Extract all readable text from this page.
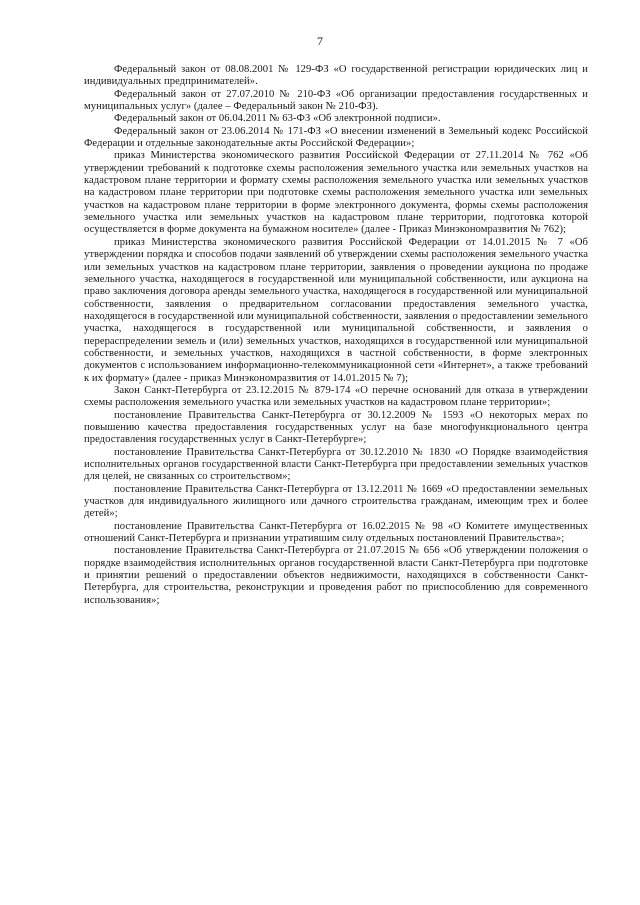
7

Федеральный закон от 08.08.2001 № 129-ФЗ «О государственной регистрации юридических лиц и индивидуальных предпринимателей».

Федеральный закон от 27.07.2010 № 210-ФЗ «Об организации предоставления государственных и муниципальных услуг» (далее – Федеральный закон № 210-ФЗ).

Федеральный закон от 06.04.2011 № 63-ФЗ «Об электронной подписи».

Федеральный закон от 23.06.2014 № 171-ФЗ «О внесении изменений в Земельный кодекс Российской Федерации и отдельные законодательные акты Российской Федерации»;

приказ Министерства экономического развития Российской Федерации от 27.11.2014 № 762 «Об утверждении требований к подготовке схемы расположения земельного участка или земельных участков на кадастровом плане территории и формату схемы расположения земельного участка или земельных участков на кадастровом плане территории при подготовке схемы расположения земельного участка или земельных участков на кадастровом плане территории в форме электронного документа, формы схемы расположения земельного участка или земельных участков на кадастровом плане территории, подготовка которой осуществляется в форме документа на бумажном носителе» (далее - Приказ Минэкономразвития № 762);

приказ Министерства экономического развития Российской Федерации от 14.01.2015 № 7 «Об утверждении порядка и способов подачи заявлений об утверждении схемы расположения земельного участка или земельных участков на кадастровом плане территории, заявления о проведении аукциона по продаже земельного участка, находящегося в государственной или муниципальной собственности, или аукциона на право заключения договора аренды земельного участка, находящегося в государственной или муниципальной собственности, заявления о предварительном согласовании предоставления земельного участка, находящегося в государственной или муниципальной собственности, заявления о предоставлении земельного участка, находящегося в государственной или муниципальной собственности, и заявления о перераспределении земель и (или) земельных участков, находящихся в государственной или муниципальной собственности, и земельных участков, находящихся в частной собственности, в форме электронных документов с использованием информационно-телекоммуникационной сети «Интернет», а также требований к их формату» (далее - приказ Минэкономразвития от 14.01.2015 № 7);

Закон Санкт-Петербурга от 23.12.2015 № 879-174 «О перечне оснований для отказа в утверждении схемы расположения земельного участка или земельных участков на кадастровом плане территории»;

постановление Правительства Санкт-Петербурга от 30.12.2009 № 1593 «О некоторых мерах по повышению качества предоставления государственных услуг на базе многофункционального центра предоставления государственных услуг в Санкт-Петербурге»;

постановление Правительства Санкт-Петербурга от 30.12.2010 № 1830 «О Порядке взаимодействия исполнительных органов государственной власти Санкт-Петербурга при предоставлении земельных участков для целей, не связанных со строительством»;

постановление Правительства Санкт-Петербурга от 13.12.2011 № 1669 «О предоставлении земельных участков для индивидуального жилищного или дачного строительства гражданам, имеющим трех и более детей»;

постановление Правительства Санкт-Петербурга от 16.02.2015 № 98 «О Комитете имущественных отношений Санкт-Петербурга и признании утратившим силу отдельных постановлений Правительства»;

постановление Правительства Санкт-Петербурга от 21.07.2015 № 656 «Об утверждении положения о порядке взаимодействия исполнительных органов государственной власти Санкт-Петербурга при подготовке и принятии решений о предоставлении объектов недвижимости, находящихся в собственности Санкт-Петербурга, для строительства, реконструкции и проведения работ по приспособлению для современного использования»;
